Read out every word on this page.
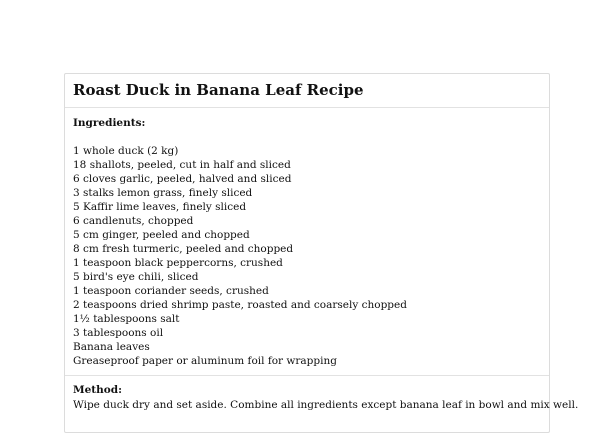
Roast Duck in Banana Leaf Recipe

Ingredients:

1 whole duck (2 kg)
18 shallots, peeled, cut in half and sliced
6 cloves garlic, peeled, halved and sliced
3 stalks lemon grass, finely sliced
5 Kaffir lime leaves, finely sliced
6 candlenuts, chopped
5 cm ginger, peeled and chopped
8 cm fresh turmeric, peeled and chopped
1 teaspoon black peppercorns, crushed
5 bird's eye chili, sliced
1 teaspoon coriander seeds, crushed
2 teaspoons dried shrimp paste, roasted and coarsely chopped
1½ tablespoons salt
3 tablespoons oil
Banana leaves
Greaseproof paper or aluminum foil for wrapping

Method:

Wipe duck dry and set aside. Combine all ingredients except banana leaf in bowl and mix well.
